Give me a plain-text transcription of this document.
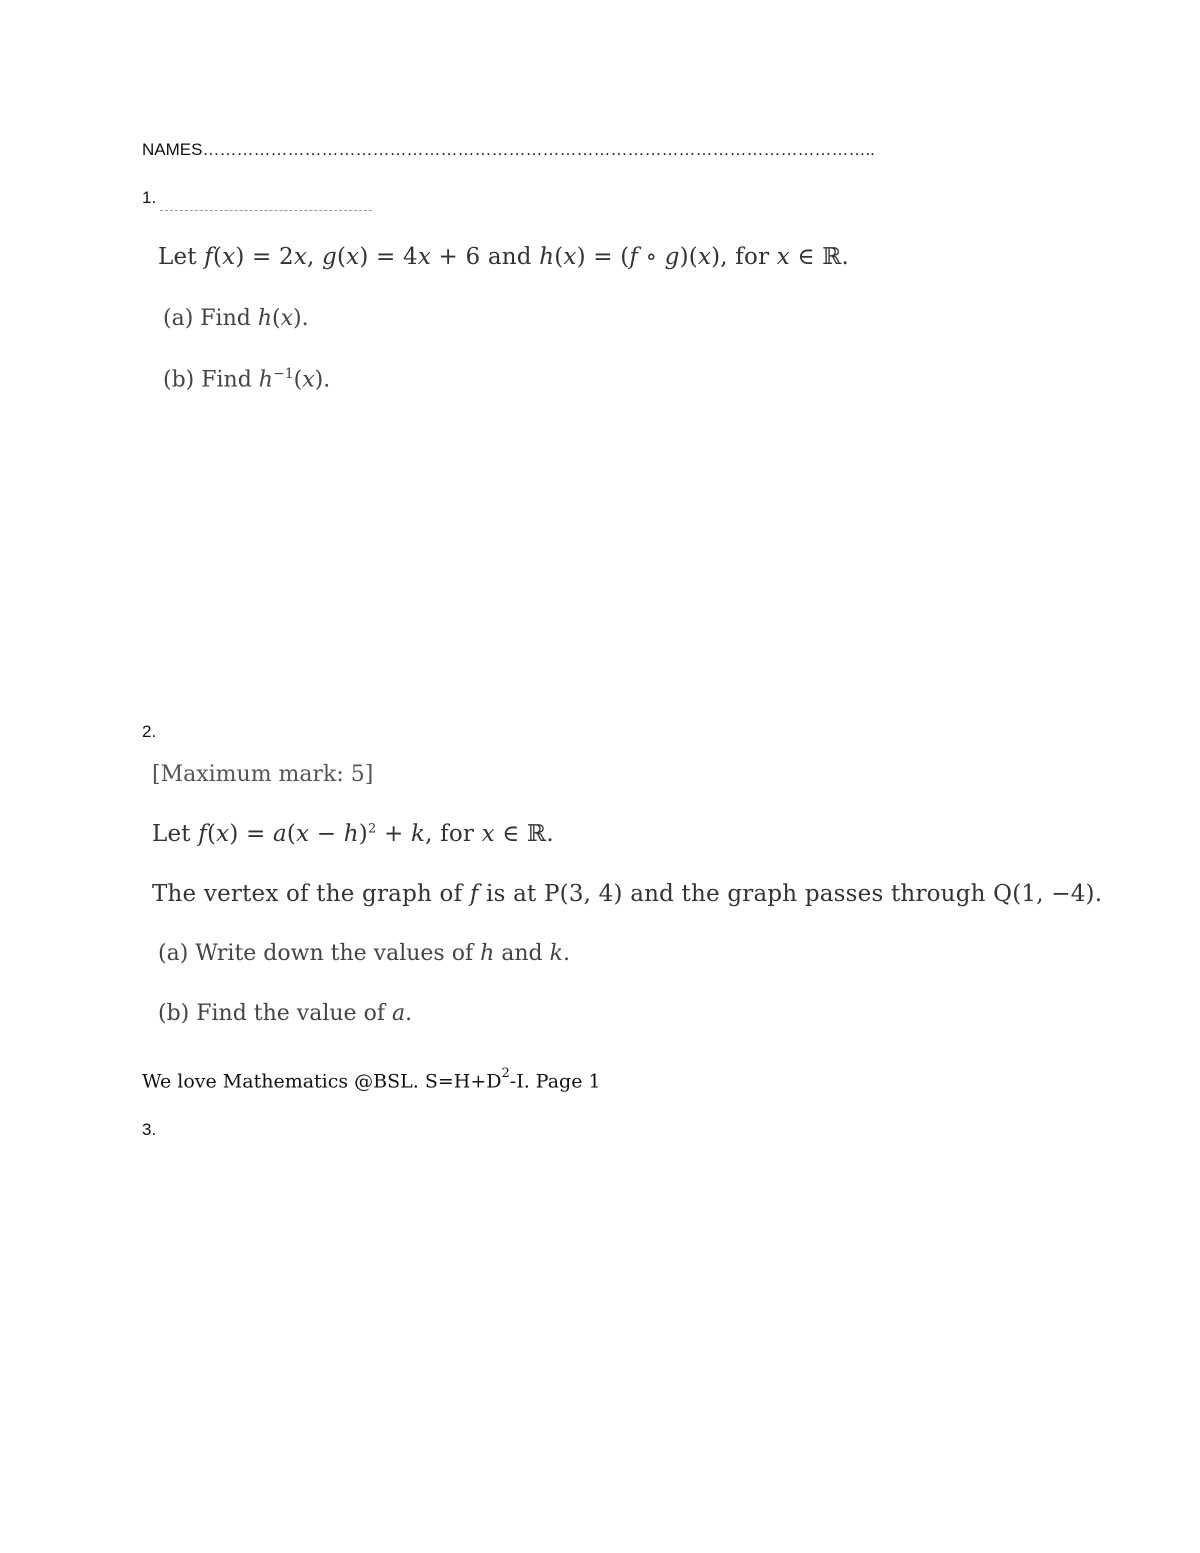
NAMES………………………………………………………………………………………………………..
1.
Let f(x) = 2x, g(x) = 4x + 6 and h(x) = (f ∘ g)(x), for x ∈ ℝ.
(a) Find h(x).
(b) Find $h^{-1}(x)$.
2.
[Maximum mark: 5]
Let $f(x) = a(x - h)^2 + k$, for x ∈ ℝ.
The vertex of the graph of f is at P(3, 4) and the graph passes through Q(1, −4).
(a) Write down the values of h and k.
(b) Find the value of a.
We love Mathematics @BSL. $S=H+D^2-I$. Page 1
3.
